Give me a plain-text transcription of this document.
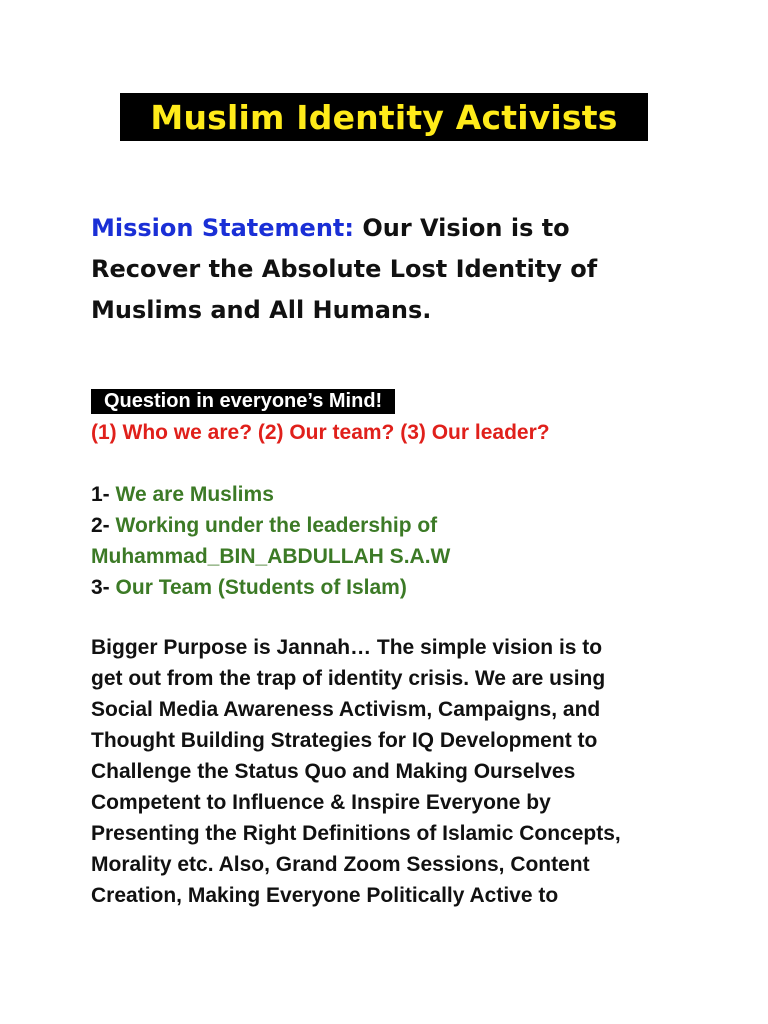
Muslim Identity Activists
Mission Statement: Our Vision is to
Recover the Absolute Lost Identity of
Muslims and All Humans.
Question in everyone’s Mind!
(1) Who we are? (2) Our team? (3) Our leader?
1- We are Muslims
2- Working under the leadership of
Muhammad_BIN_ABDULLAH S.A.W
3- Our Team (Students of Islam)
Bigger Purpose is Jannah… The simple vision is to
get out from the trap of identity crisis. We are using
Social Media Awareness Activism, Campaigns, and
Thought Building Strategies for IQ Development to
Challenge the Status Quo and Making Ourselves
Competent to Influence & Inspire Everyone by
Presenting the Right Definitions of Islamic Concepts,
Morality etc. Also, Grand Zoom Sessions, Content
Creation, Making Everyone Politically Active to
